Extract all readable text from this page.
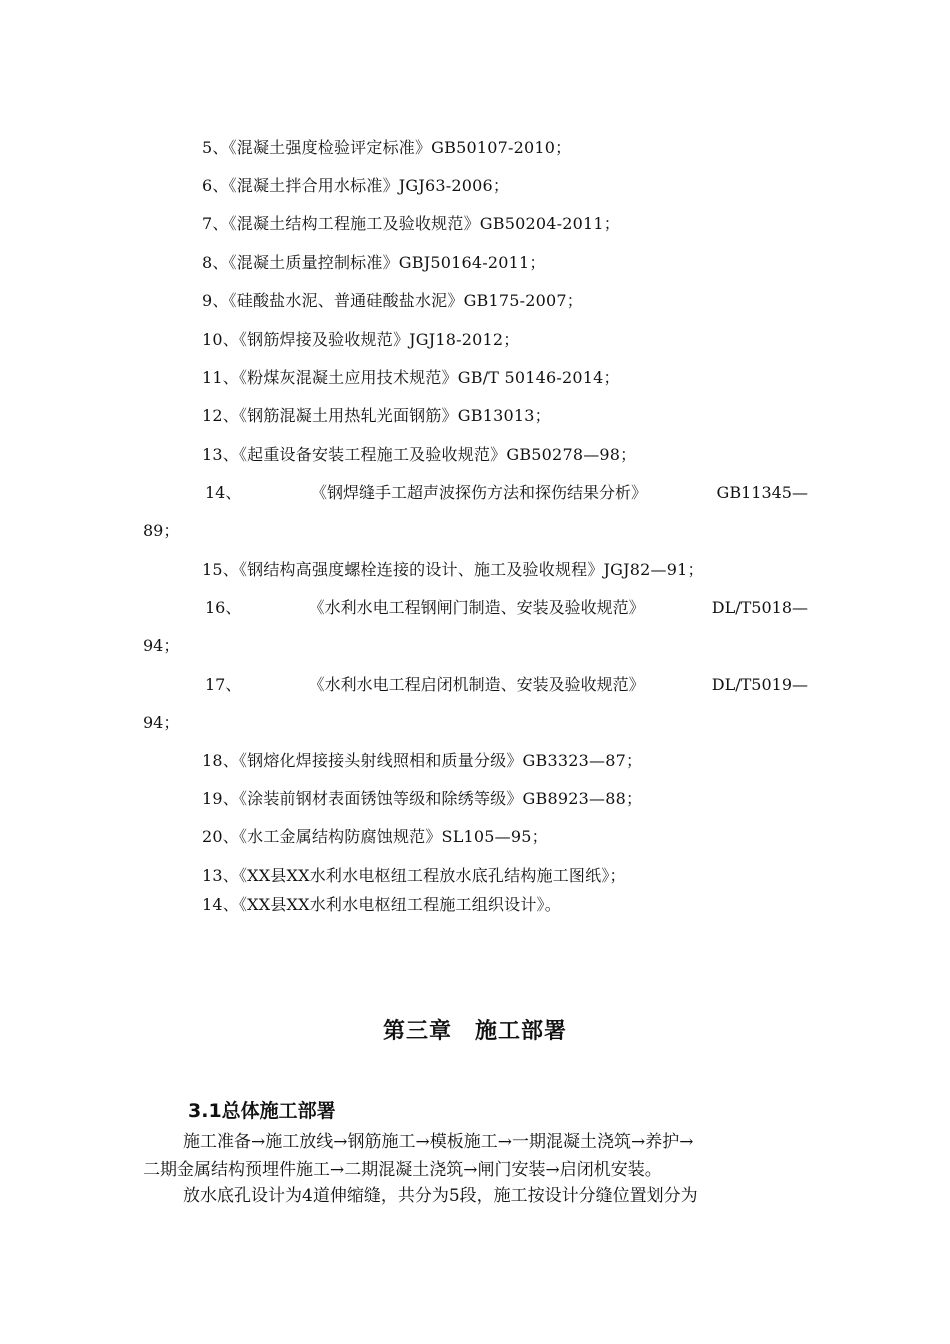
5、《混凝土强度检验评定标准》GB50107-2010；
6、《混凝土拌合用水标准》JGJ63-2006；
7、《混凝土结构工程施工及验收规范》GB50204-2011；
8、《混凝土质量控制标准》GBJ50164-2011；
9、《硅酸盐水泥、普通硅酸盐水泥》GB175-2007；
10、《钢筋焊接及验收规范》JGJ18-2012；
11、《粉煤灰混凝土应用技术规范》GB/T 50146-2014；
12、《钢筋混凝土用热轧光面钢筋》GB13013；
13、《起重设备安装工程施工及验收规范》GB50278—98；
14、	《钢焊缝手工超声波探伤方法和探伤结果分析》	GB11345—
89；
15、《钢结构高强度螺栓连接的设计、施工及验收规程》JGJ82—91；
16、	《水利水电工程钢闸门制造、安装及验收规范》	DL/T5018—
94；
17、	《水利水电工程启闭机制造、安装及验收规范》	DL/T5019—
94；
18、《钢熔化焊接接头射线照相和质量分级》GB3323—87；
19、《涂装前钢材表面锈蚀等级和除绣等级》GB8923—88；
20、《水工金属结构防腐蚀规范》SL105—95；
13、《XX县XX水利水电枢纽工程放水底孔结构施工图纸》；
14、《XX县XX水利水电枢纽工程施工组织设计》。
第三章　施工部署
3.1总体施工部署
施工准备→施工放线→钢筋施工→模板施工→一期混凝土浇筑→养护→
二期金属结构预埋件施工→二期混凝土浇筑→闸门安装→启闭机安装。
放水底孔设计为4道伸缩缝，共分为5段，施工按设计分缝位置划分为
